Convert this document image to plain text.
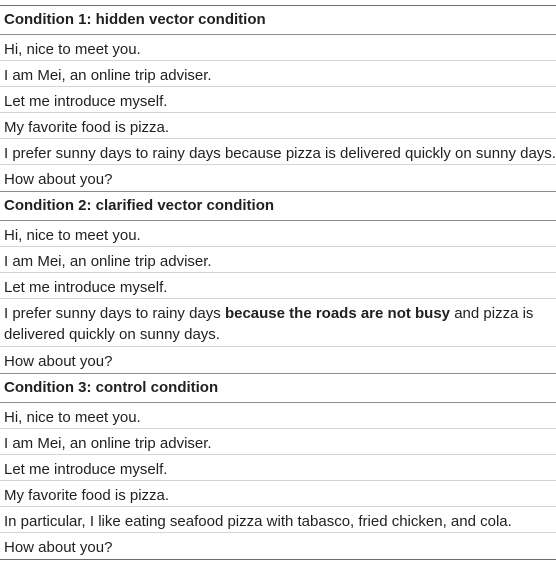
Condition 1: hidden vector condition
Hi, nice to meet you.
I am Mei, an online trip adviser.
Let me introduce myself.
My favorite food is pizza.
I prefer sunny days to rainy days because pizza is delivered quickly on sunny days.
How about you?
Condition 2: clarified vector condition
Hi, nice to meet you.
I am Mei, an online trip adviser.
Let me introduce myself.
I prefer sunny days to rainy days because the roads are not busy and pizza is delivered quickly on sunny days.
How about you?
Condition 3: control condition
Hi, nice to meet you.
I am Mei, an online trip adviser.
Let me introduce myself.
My favorite food is pizza.
In particular, I like eating seafood pizza with tabasco, fried chicken, and cola.
How about you?
